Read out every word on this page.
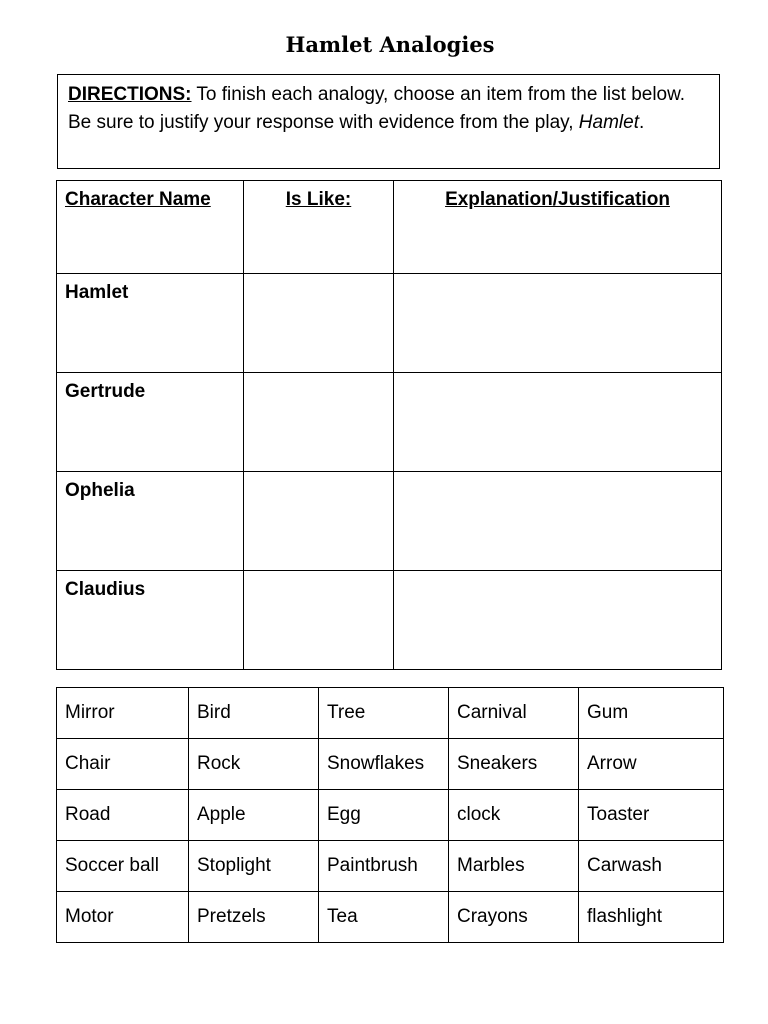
Hamlet Analogies
DIRECTIONS: To finish each analogy, choose an item from the list below. Be sure to justify your response with evidence from the play, Hamlet.
Character Name	Is Like:	Explanation/Justification
Hamlet		
Gertrude		
Ophelia		
Claudius		
Mirror	Bird	Tree	Carnival	Gum
Chair	Rock	Snowflakes	Sneakers	Arrow
Road	Apple	Egg	clock	Toaster
Soccer ball	Stoplight	Paintbrush	Marbles	Carwash
Motor	Pretzels	Tea	Crayons	flashlight
